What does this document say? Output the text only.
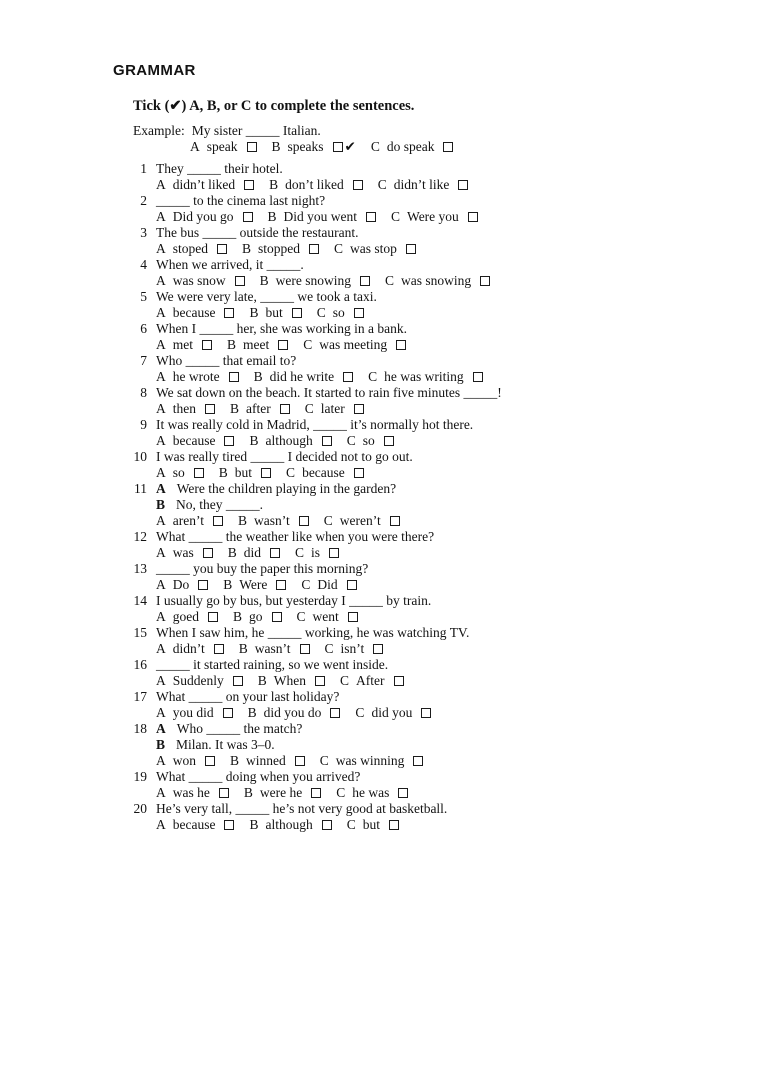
GRAMMAR
Tick (✔) A, B, or C to complete the sentences.
Example: My sister _____ Italian.
A speak	B speaks ✔ C do speak
1 They _____ their hotel.
A didn’t liked	B don’t liked	C didn’t like
2 _____ to the cinema last night?
A Did you go	B Did you went	C Were you
3 The bus _____ outside the restaurant.
A stoped	B stopped	C was stop
4 When we arrived, it _____.
A was snow	B were snowing	C was snowing
5 We were very late, _____ we took a taxi.
A because	B but	C so
6 When I _____ her, she was working in a bank.
A met	B meet	C was meeting
7 Who _____ that email to?
A he wrote	B did he write	C he was writing
8 We sat down on the beach. It started to rain five minutes _____!
A then	B after	C later
9 It was really cold in Madrid, _____ it’s normally hot there.
A because	B although	C so
10 I was really tired _____ I decided not to go out.
A so	B but	C because
11 A Were the children playing in the garden?
B No, they _____.
A aren’t	B wasn’t	C weren’t
12 What _____ the weather like when you were there?
A was	B did	C is
13 _____ you buy the paper this morning?
A Do	B Were	C Did
14 I usually go by bus, but yesterday I _____ by train.
A goed	B go	C went
15 When I saw him, he _____ working, he was watching TV.
A didn’t	B wasn’t	C isn’t
16 _____ it started raining, so we went inside.
A Suddenly	B When	C After
17 What _____ on your last holiday?
A you did	B did you do	C did you
18 A Who _____ the match?
B Milan. It was 3–0.
A won	B winned	C was winning
19 What _____ doing when you arrived?
A was he	B were he	C he was
20 He’s very tall, _____ he’s not very good at basketball.
A because	B although	C but
